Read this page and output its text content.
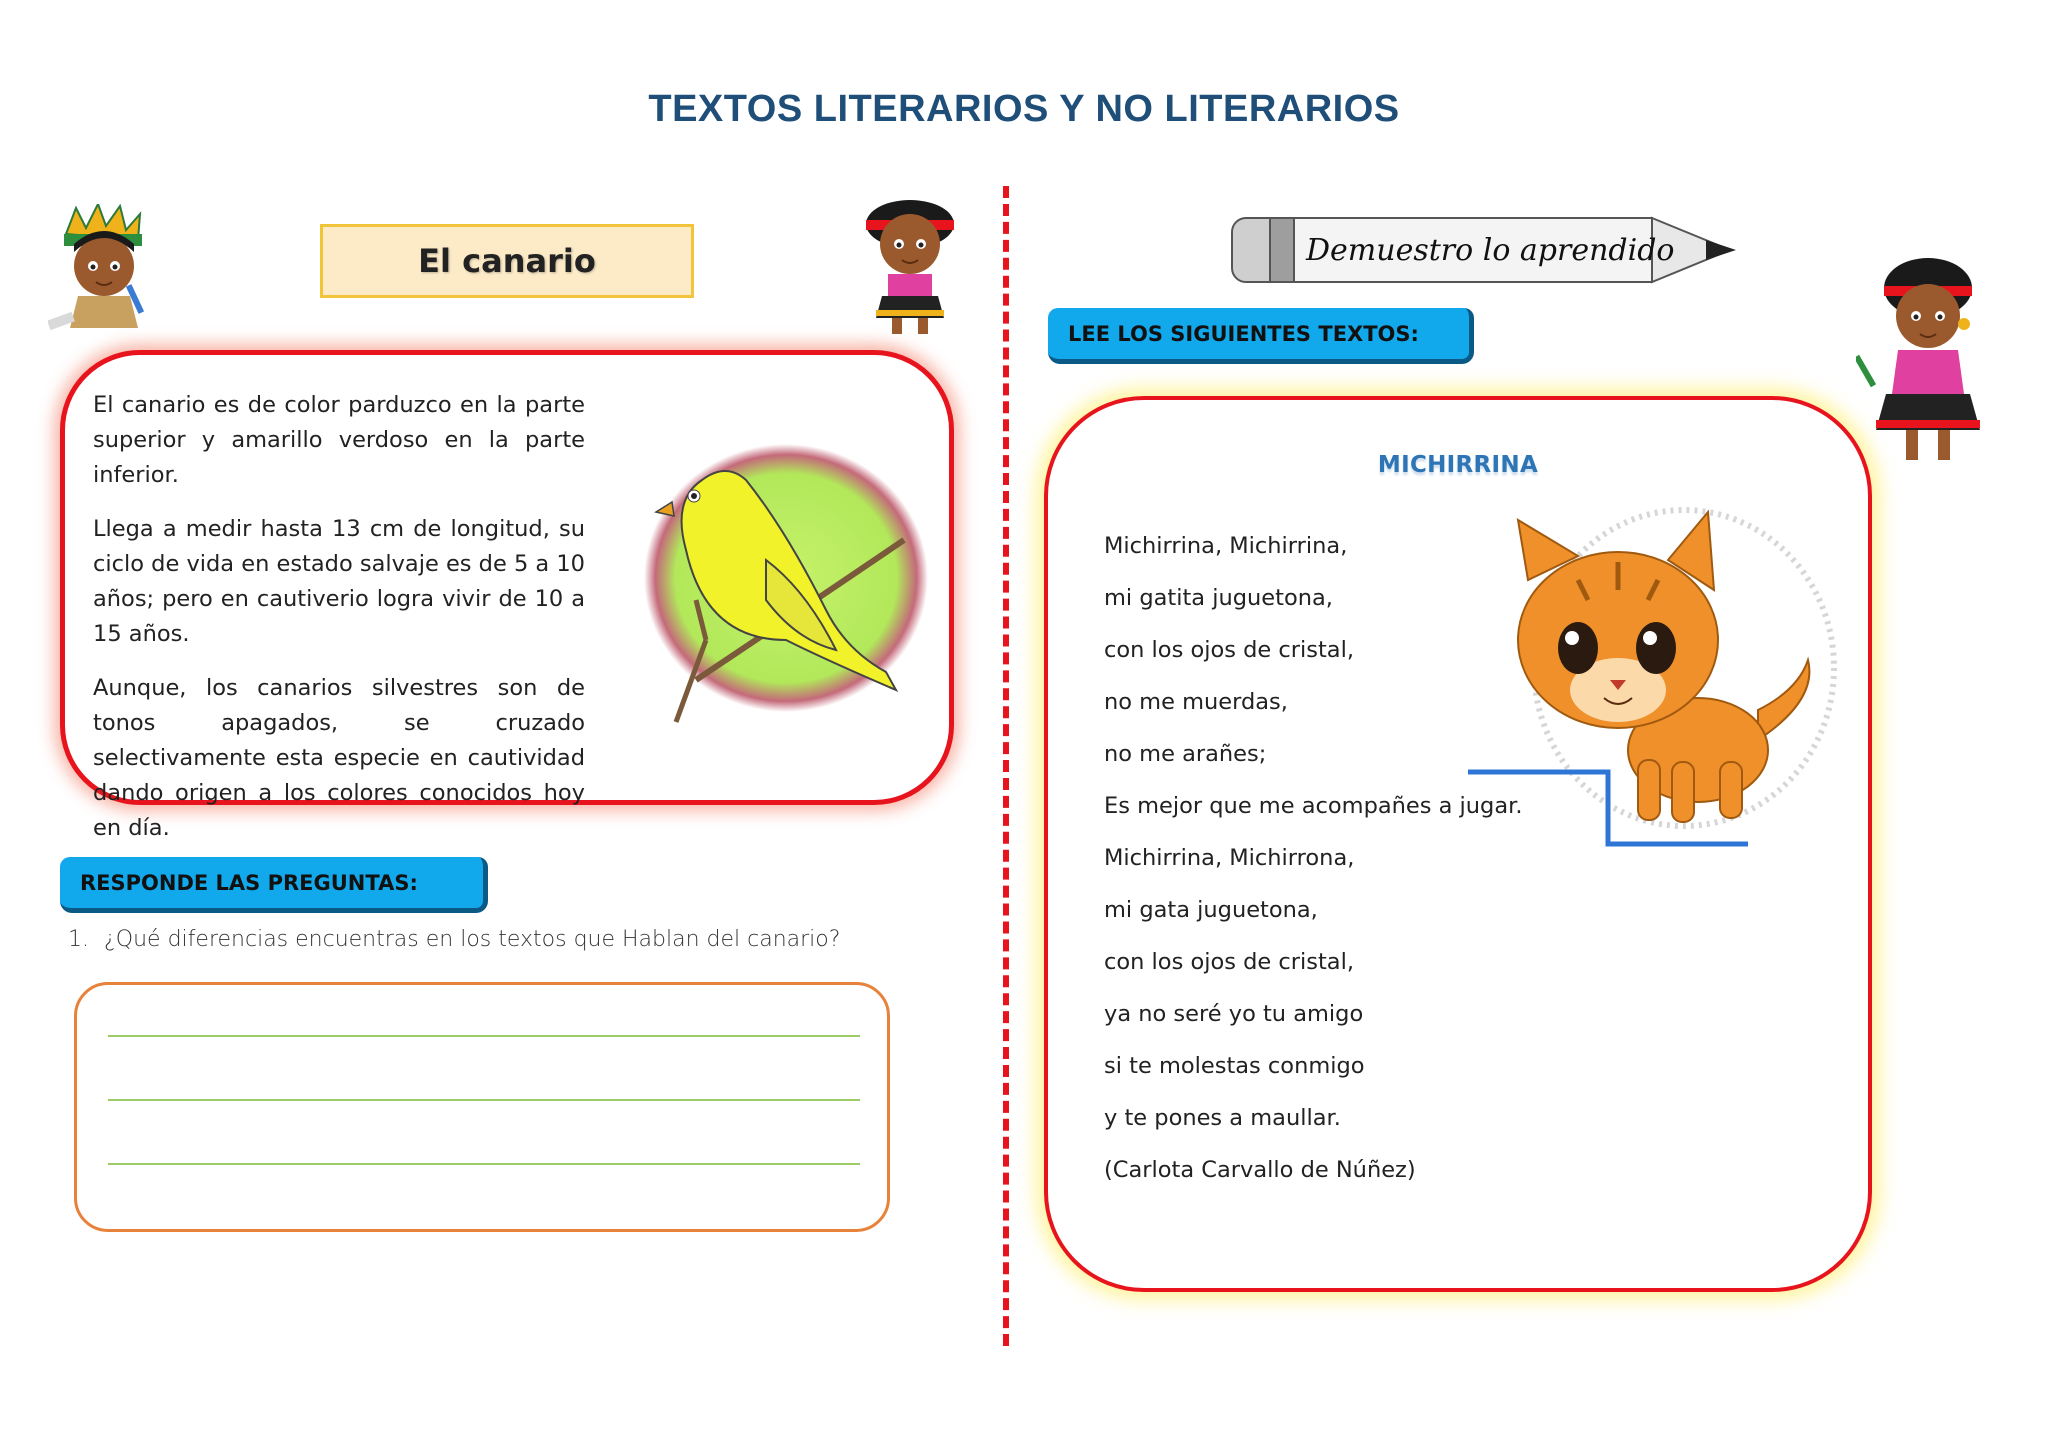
TEXTOS LITERARIOS Y NO LITERARIOS
El canario

El canario es de color parduzco en la parte superior y amarillo verdoso en la parte inferior.

Llega a medir hasta 13 cm de longitud, su ciclo de vida en estado salvaje es de 5 a 10 años; pero en cautiverio logra vivir de 10 a 15 años.

Aunque, los canarios silvestres son de tonos apagados, se cruzado selectivamente esta especie en cautividad dando origen a los colores conocidos hoy en día.

RESPONDE LAS PREGUNTAS:
1. ¿Qué diferencias encuentras en los textos que Hablan del canario?
Demuestro lo aprendido
LEE LOS SIGUIENTES TEXTOS:
MICHIRRINA
Michirrina, Michirrina,
mi gatita juguetona,
con los ojos de cristal,
no me muerdas,
no me arañes;
Es mejor que me acompañes a jugar.
Michirrina, Michirrona,
mi gata juguetona,
con los ojos de cristal,
ya no seré yo tu amigo
si te molestas conmigo
y te pones a maullar.
(Carlota Carvallo de Núñez)
